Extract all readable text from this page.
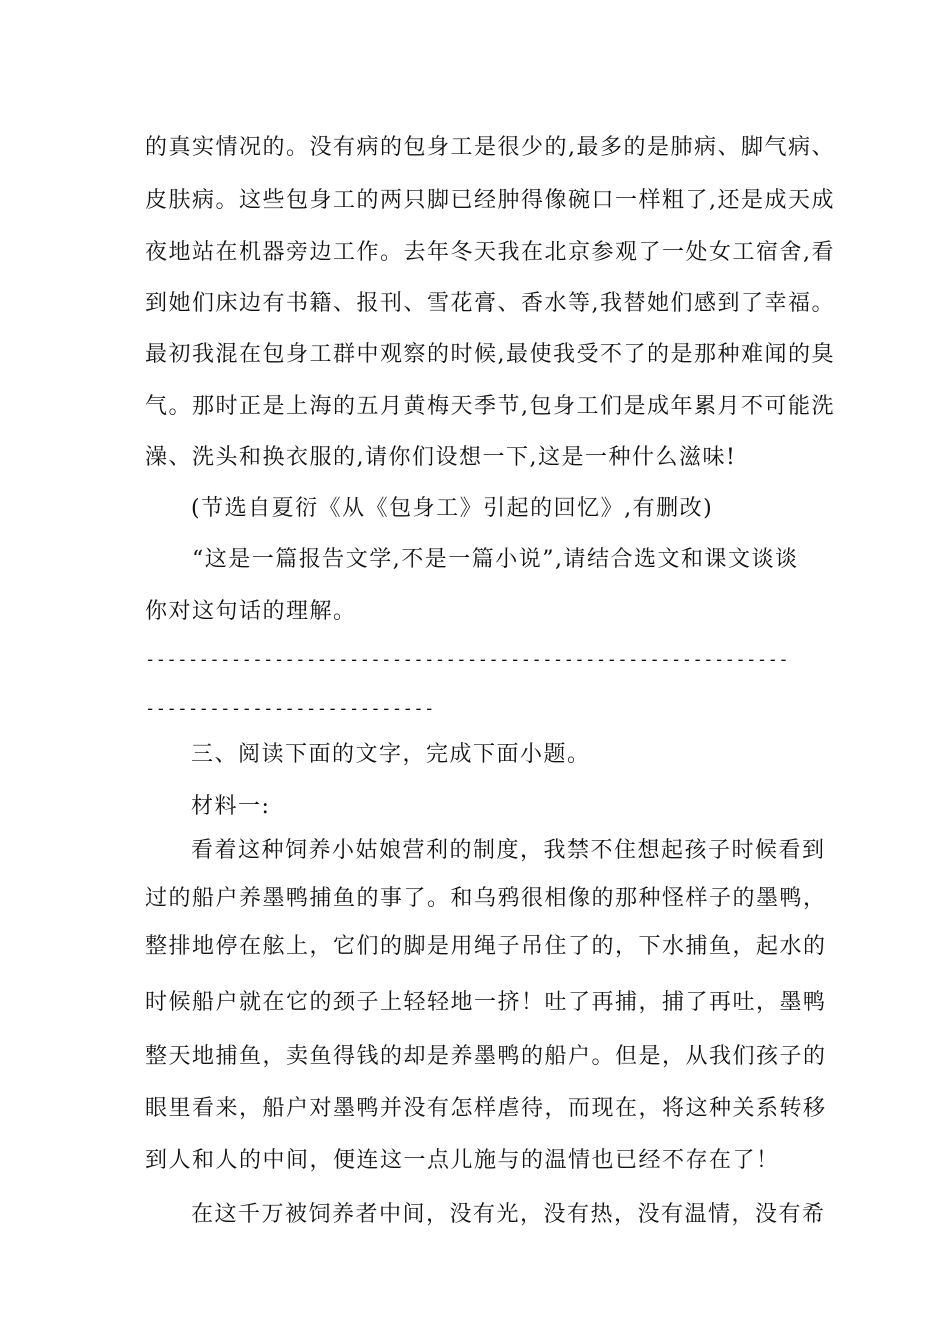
的真实情况的。没有病的包身工是很少的,最多的是肺病、脚气病、
皮肤病。这些包身工的两只脚已经肿得像碗口一样粗了,还是成天成
夜地站在机器旁边工作。去年冬天我在北京参观了一处女工宿舍,看
到她们床边有书籍、报刊、雪花膏、香水等,我替她们感到了幸福。
最初我混在包身工群中观察的时候,最使我受不了的是那种难闻的臭
气。那时正是上海的五月黄梅天季节,包身工们是成年累月不可能洗
澡、洗头和换衣服的,请你们设想一下,这是一种什么滋味!
(节选自夏衍《从《包身工》引起的回忆》,有删改)
“这是一篇报告文学,不是一篇小说”,请结合选文和课文谈谈
你对这句话的理解。
------------------------------------------------------------
---------------------------
三、阅读下面的文字，完成下面小题。
材料一:
看着这种饲养小姑娘营利的制度，我禁不住想起孩子时候看到
过的船户养墨鸭捕鱼的事了。和乌鸦很相像的那种怪样子的墨鸭，
整排地停在舷上，它们的脚是用绳子吊住了的，下水捕鱼，起水的
时候船户就在它的颈子上轻轻地一挤！吐了再捕，捕了再吐，墨鸭
整天地捕鱼，卖鱼得钱的却是养墨鸭的船户。但是，从我们孩子的
眼里看来，船户对墨鸭并没有怎样虐待，而现在，将这种关系转移
到人和人的中间，便连这一点儿施与的温情也已经不存在了！
在这千万被饲养者中间，没有光，没有热，没有温情，没有希
